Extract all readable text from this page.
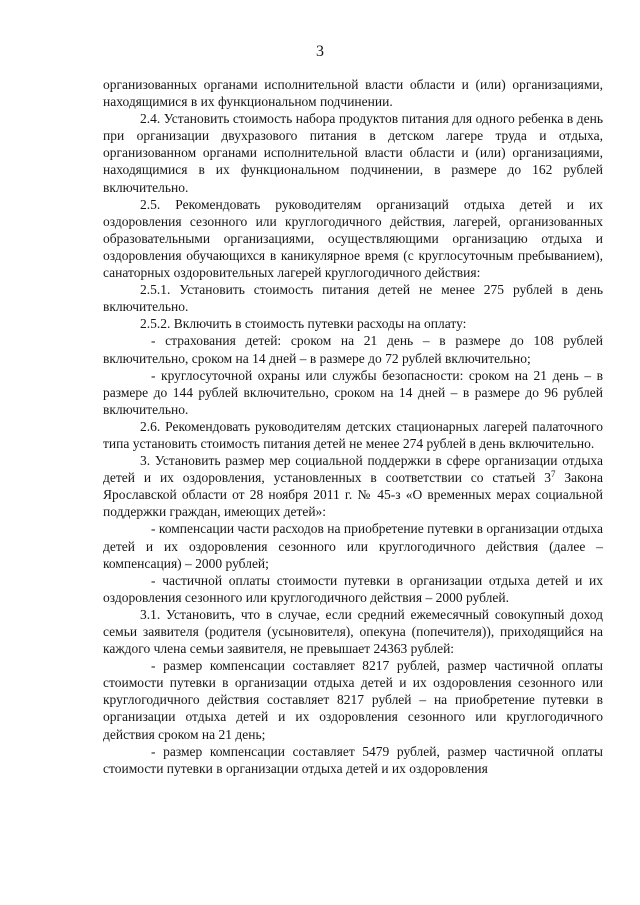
3

организованных органами исполнительной власти области и (или) организациями, находящимися в их функциональном подчинении.

2.4. Установить стоимость набора продуктов питания для одного ребенка в день при организации двухразового питания в детском лагере труда и отдыха, организованном органами исполнительной власти области и (или) организациями, находящимися в их функциональном подчинении, в размере до 162 рублей включительно.

2.5. Рекомендовать руководителям организаций отдыха детей и их оздоровления сезонного или круглогодичного действия, лагерей, организованных образовательными организациями, осуществляющими организацию отдыха и оздоровления обучающихся в каникулярное время (с круглосуточным пребыванием), санаторных оздоровительных лагерей круглогодичного действия:

2.5.1. Установить стоимость питания детей не менее 275 рублей в день включительно.

2.5.2. Включить в стоимость путевки расходы на оплату:

- страхования детей: сроком на 21 день – в размере до 108 рублей включительно, сроком на 14 дней – в размере до 72 рублей включительно;

- круглосуточной охраны или службы безопасности: сроком на 21 день – в размере до 144 рублей включительно, сроком на 14 дней – в размере до 96 рублей включительно.

2.6. Рекомендовать руководителям детских стационарных лагерей палаточного типа установить стоимость питания детей не менее 274 рублей в день включительно.

3. Установить размер мер социальной поддержки в сфере организации отдыха детей и их оздоровления, установленных в соответствии со статьей $3^7$ Закона Ярославской области от 28 ноября 2011 г. № 45-з «О временных мерах социальной поддержки граждан, имеющих детей»:

- компенсации части расходов на приобретение путевки в организации отдыха детей и их оздоровления сезонного или круглогодичного действия (далее – компенсация) – 2000 рублей;

- частичной оплаты стоимости путевки в организации отдыха детей и их оздоровления сезонного или круглогодичного действия – 2000 рублей.

3.1. Установить, что в случае, если средний ежемесячный совокупный доход семьи заявителя (родителя (усыновителя), опекуна (попечителя)), приходящийся на каждого члена семьи заявителя, не превышает 24363 рублей:

- размер компенсации составляет 8217 рублей, размер частичной оплаты стоимости путевки в организации отдыха детей и их оздоровления сезонного или круглогодичного действия составляет 8217 рублей – на приобретение путевки в организации отдыха детей и их оздоровления сезонного или круглогодичного действия сроком на 21 день;

- размер компенсации составляет 5479 рублей, размер частичной оплаты стоимости путевки в организации отдыха детей и их оздоровления
